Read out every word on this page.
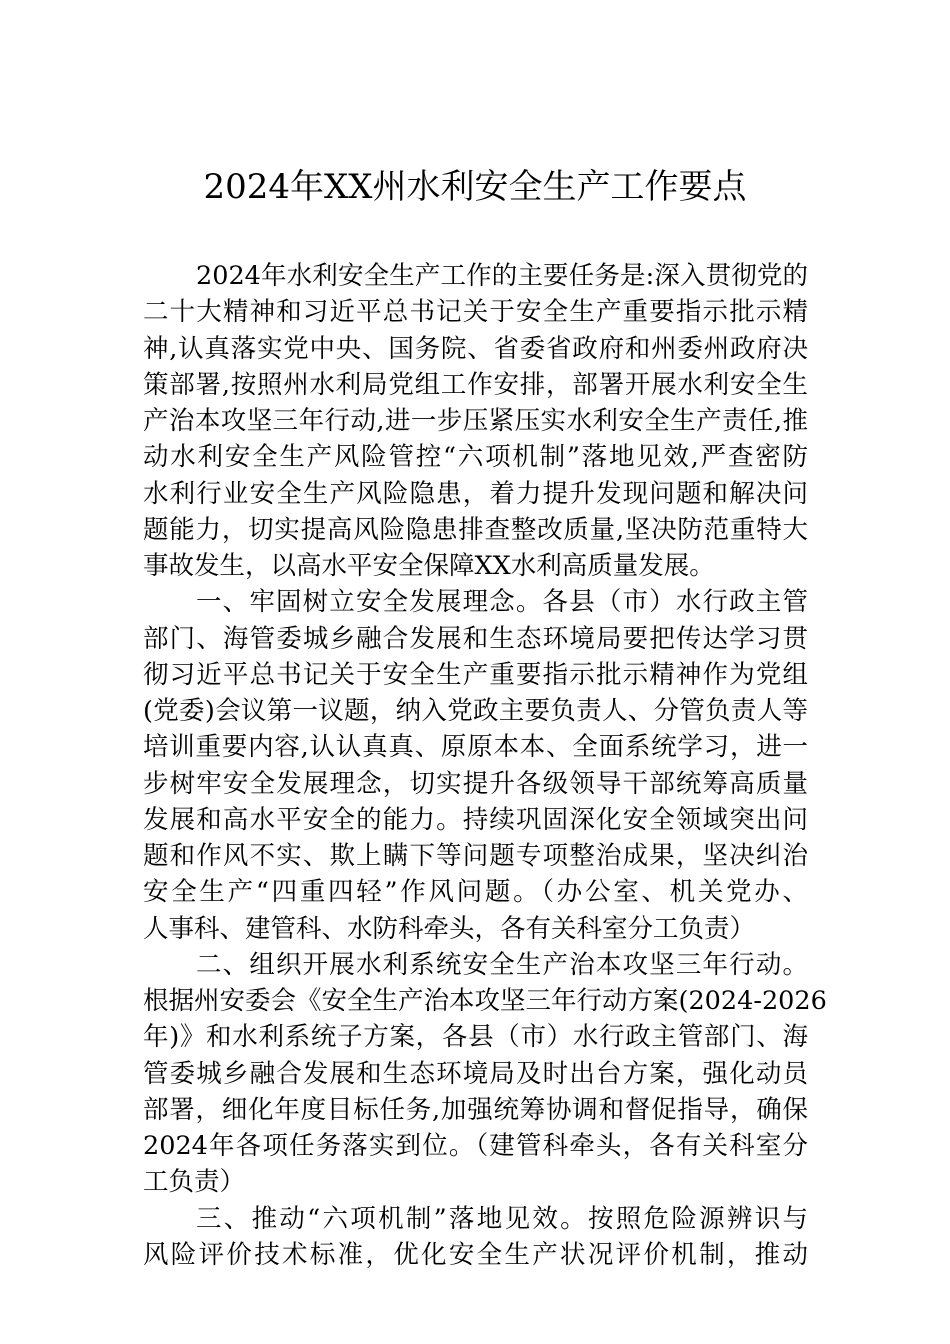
2024年XX州水利安全生产工作要点
2024年水利安全生产工作的主要任务是:深入贯彻党的
二十大精神和习近平总书记关于安全生产重要指示批示精
神,认真落实党中央、国务院、省委省政府和州委州政府决
策部署,按照州水利局党组工作安排，部署开展水利安全生
产治本攻坚三年行动,进一步压紧压实水利安全生产责任,推
动水利安全生产风险管控“六项机制”落地见效,严查密防
水利行业安全生产风险隐患，着力提升发现问题和解决问
题能力，切实提高风险隐患排查整改质量,坚决防范重特大
事故发生，以高水平安全保障XX水利高质量发展。
一、牢固树立安全发展理念。各县（市）水行政主管
部门、海管委城乡融合发展和生态环境局要把传达学习贯
彻习近平总书记关于安全生产重要指示批示精神作为党组
(党委)会议第一议题，纳入党政主要负责人、分管负责人等
培训重要内容,认认真真、原原本本、全面系统学习，进一
步树牢安全发展理念，切实提升各级领导干部统筹高质量
发展和高水平安全的能力。持续巩固深化安全领域突出问
题和作风不实、欺上瞒下等问题专项整治成果，坚决纠治
安全生产“四重四轻”作风问题。（办公室、机关党办、
人事科、建管科、水防科牵头，各有关科室分工负责）
二、组织开展水利系统安全生产治本攻坚三年行动。
根据州安委会《安全生产治本攻坚三年行动方案(2024-2026
年)》和水利系统子方案，各县（市）水行政主管部门、海
管委城乡融合发展和生态环境局及时出台方案，强化动员
部署，细化年度目标任务,加强统筹协调和督促指导，确保
2024年各项任务落实到位。（建管科牵头，各有关科室分
工负责）
三、推动“六项机制”落地见效。按照危险源辨识与
风险评价技术标准，优化安全生产状况评价机制，推动
